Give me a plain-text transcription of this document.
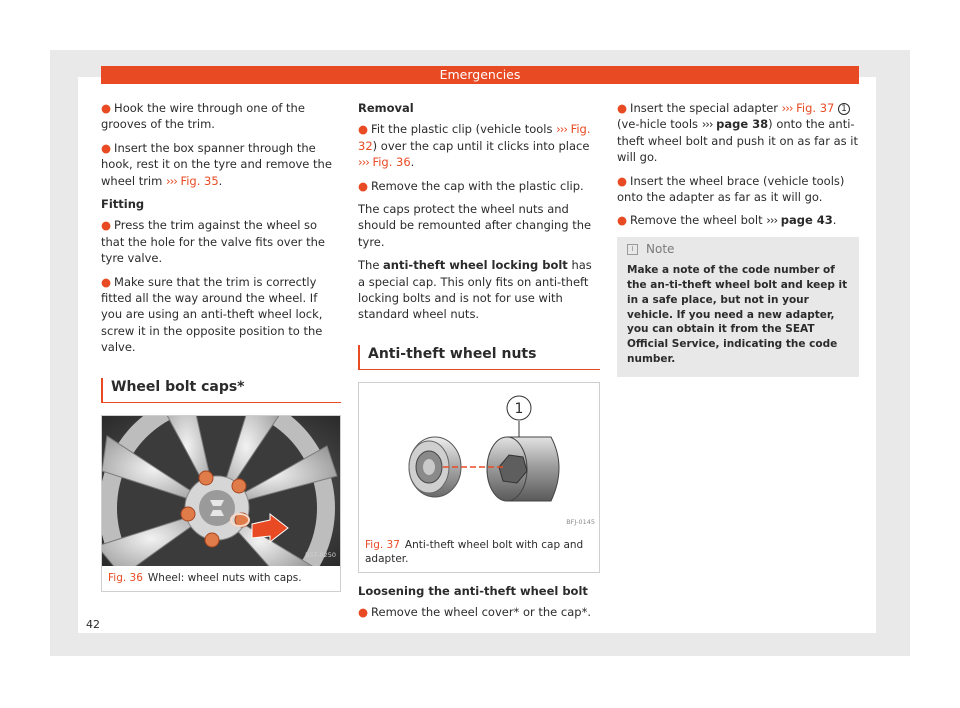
Emergencies

● Hook the wire through one of the grooves of the trim.

● Insert the box spanner through the hook, rest it on the tyre and remove the wheel trim ››› Fig. 35.

Fitting

● Press the trim against the wheel so that the hole for the valve fits over the tyre valve.

● Make sure that the trim is correctly fitted all the way around the wheel. If you are using an anti-theft wheel lock, screw it in the opposite position to the valve.

Wheel bolt caps*
B5T-0250
Fig. 36 Wheel: wheel nuts with caps.

Removal

● Fit the plastic clip (vehicle tools ››› Fig. 32) over the cap until it clicks into place ››› Fig. 36.

● Remove the cap with the plastic clip.

The caps protect the wheel nuts and should be remounted after changing the tyre.

The anti-theft wheel locking bolt has a special cap. This only fits on anti-theft locking bolts and is not for use with standard wheel nuts.

Anti-theft wheel nuts
1
BFJ-0145
Fig. 37 Anti-theft wheel bolt with cap and adapter.

Loosening the anti-theft wheel bolt

● Remove the wheel cover* or the cap*.

● Insert the special adapter ››› Fig. 37 1 (ve-hicle tools ››› page 38) onto the anti-theft wheel bolt and push it on as far as it will go.

● Insert the wheel brace (vehicle tools) onto the adapter as far as it will go.

● Remove the wheel bolt ››› page 43.

i	Note
Make a note of the code number of the an-ti-theft wheel bolt and keep it in a safe place, but not in your vehicle. If you need a new adapter, you can obtain it from the SEAT Official Service, indicating the code number.
42
